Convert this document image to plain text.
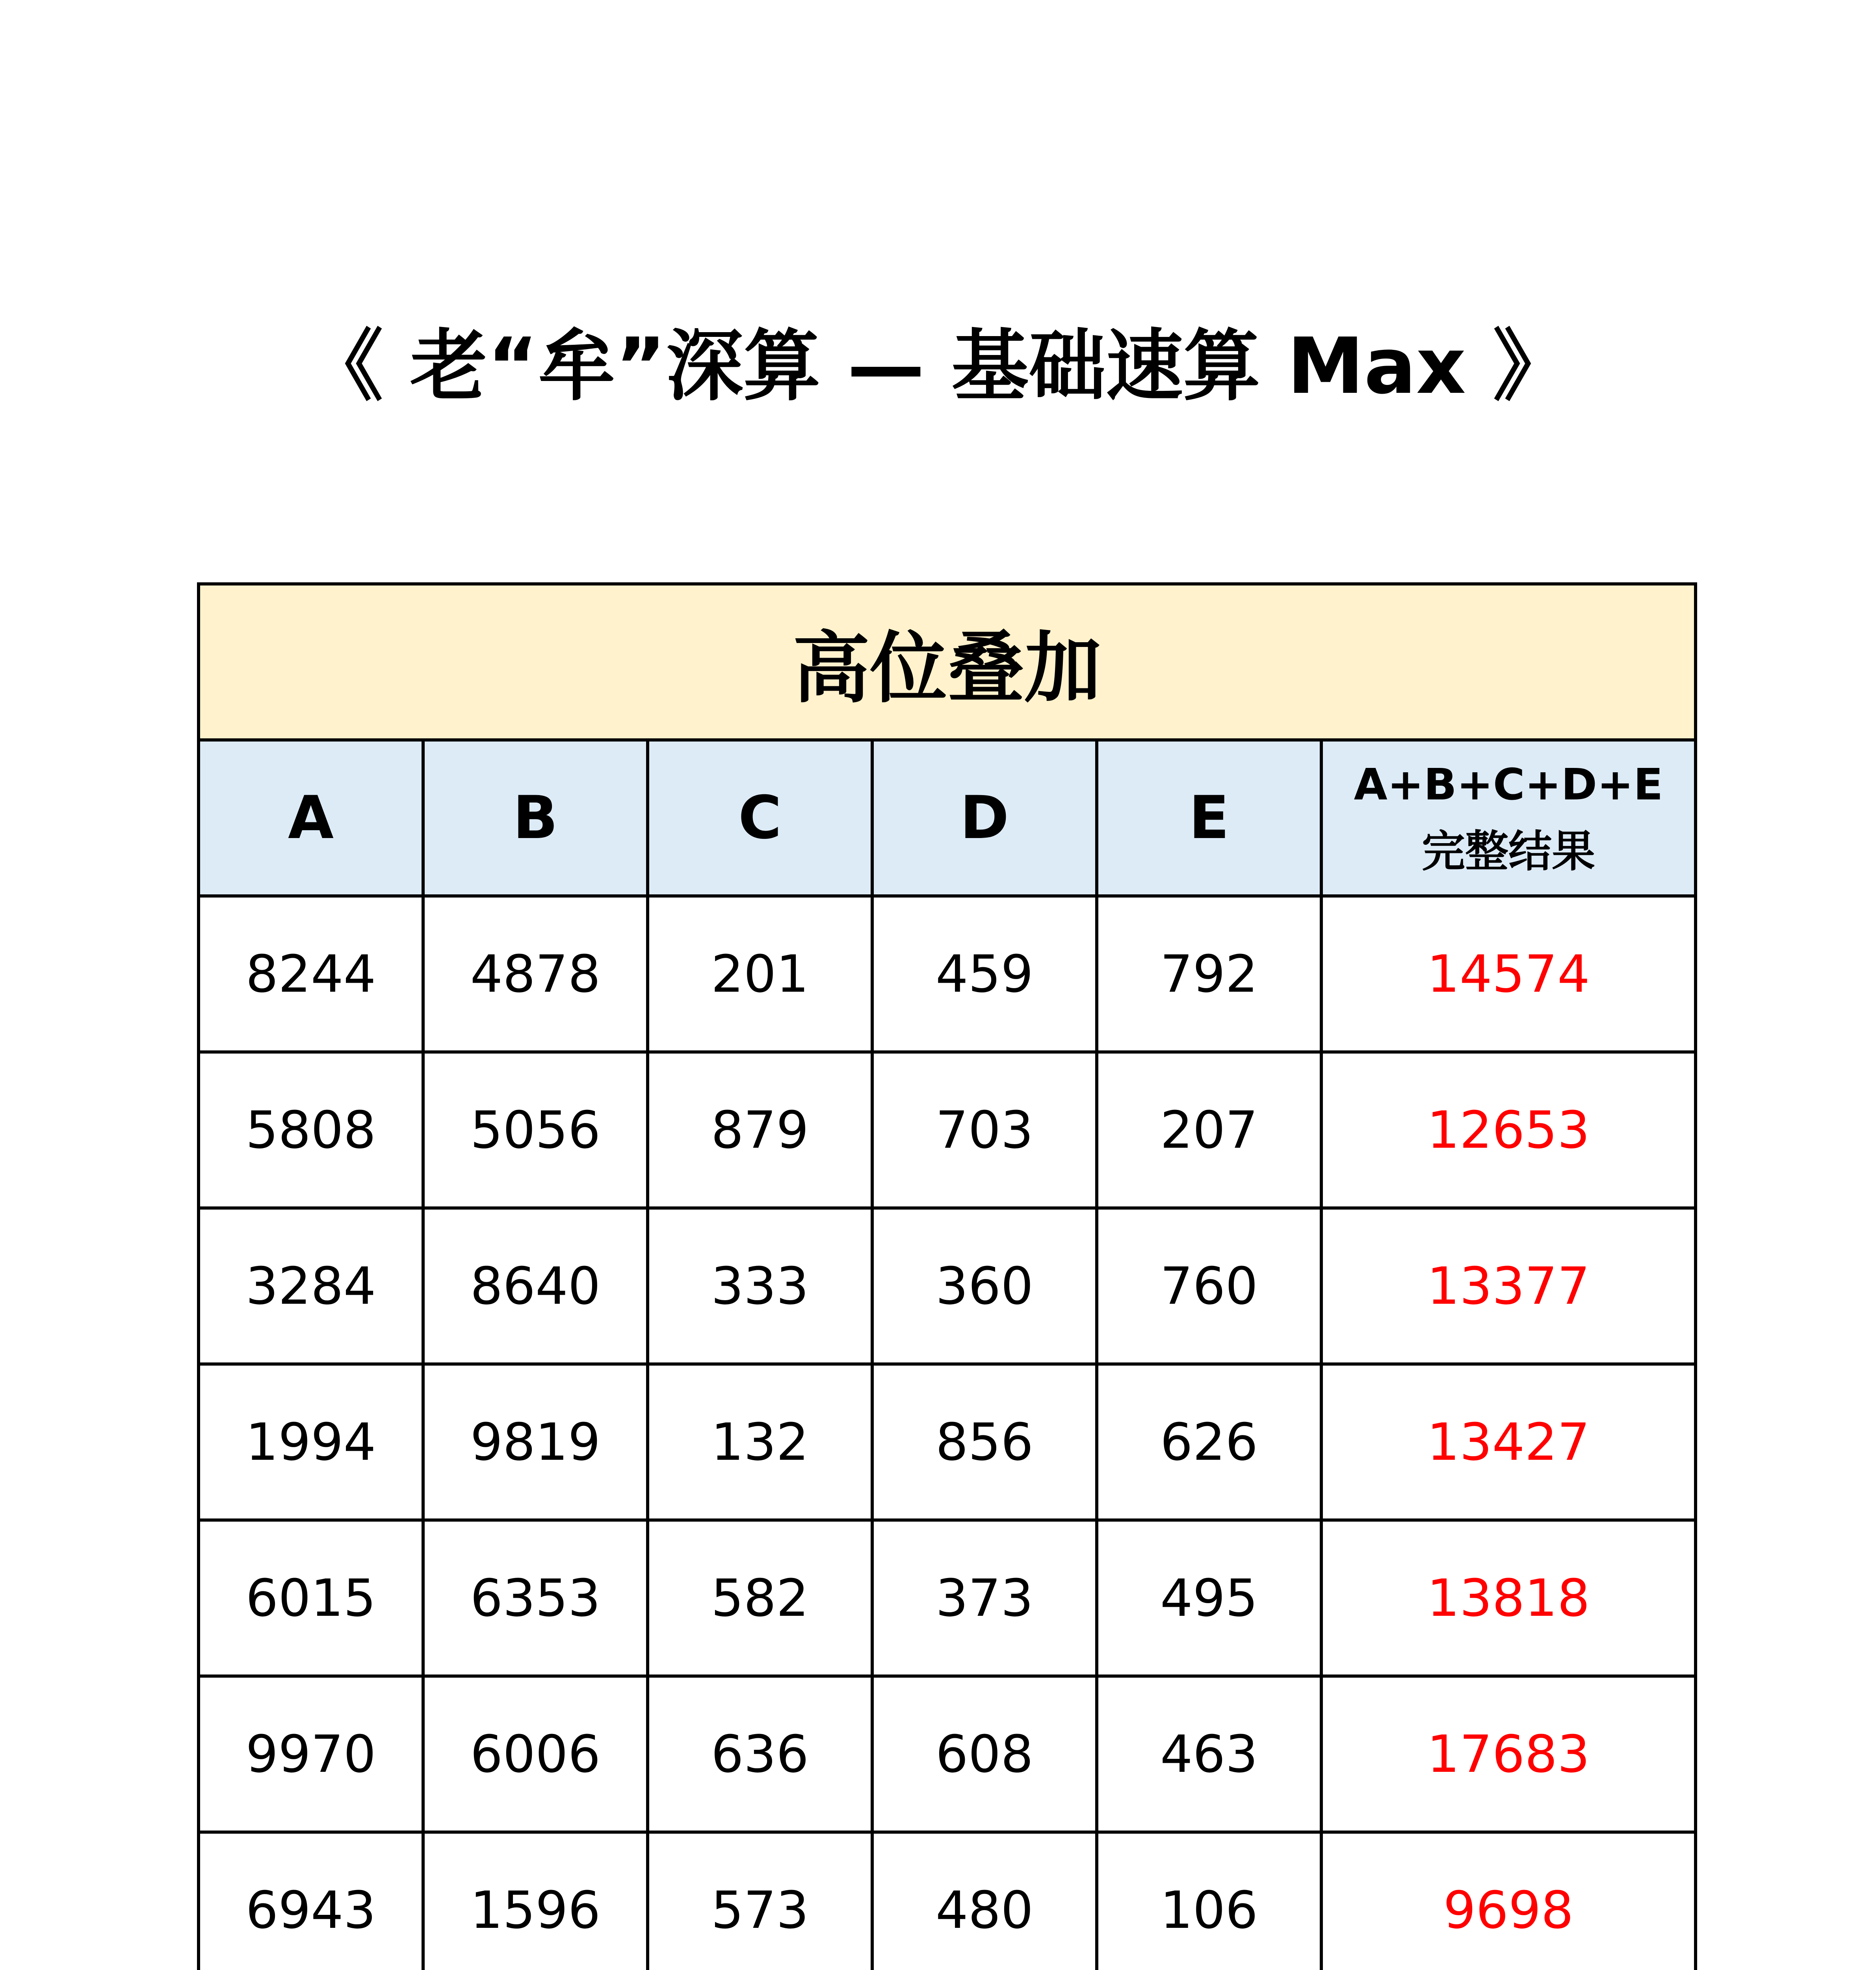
《 老“牟”深算 — 基础速算 Max 》
高位叠加					
A	B	C	D	E	A+B+C+D+E
完整结果

8244	4878	201	459	792	14574
5808	5056	879	703	207	12653
3284	8640	333	360	760	13377
1994	9819	132	856	626	13427
6015	6353	582	373	495	13818
9970	6006	636	608	463	17683
6943	1596	573	480	106	9698
